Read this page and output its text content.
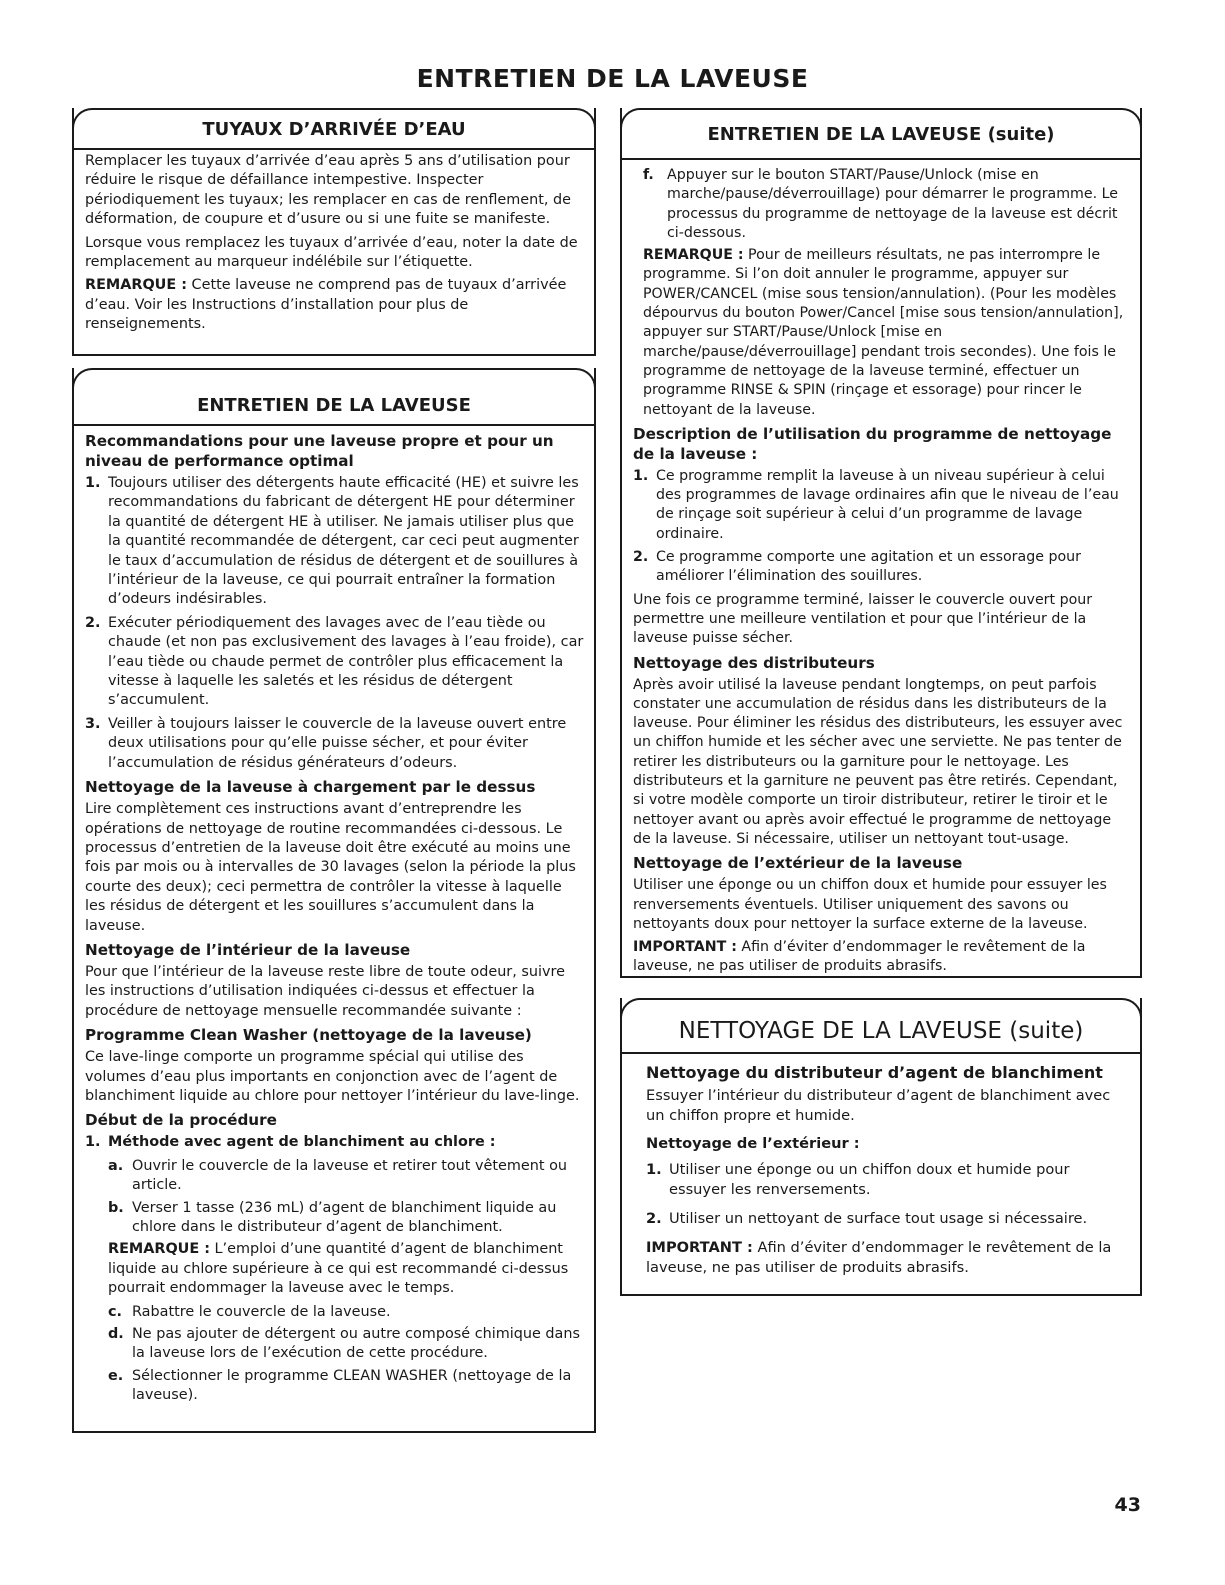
ENTRETIEN DE LA LAVEUSE
TUYAUX D’ARRIVÉE D’EAU

Remplacer les tuyaux d’arrivée d’eau après 5 ans d’utilisation pour réduire le risque de défaillance intempestive. Inspecter périodiquement les tuyaux; les remplacer en cas de renflement, de déformation, de coupure et d’usure ou si une fuite se manifeste.

Lorsque vous remplacez les tuyaux d’arrivée d’eau, noter la date de remplacement au marqueur indélébile sur l’étiquette.

REMARQUE : Cette laveuse ne comprend pas de tuyaux d’arrivée d’eau. Voir les Instructions d’installation pour plus de renseignements.

ENTRETIEN DE LA LAVEUSE

Recommandations pour une laveuse propre et pour un niveau de performance optimal

1. Toujours utiliser des détergents haute efficacité (HE) et suivre les recommandations du fabricant de détergent HE pour déterminer la quantité de détergent HE à utiliser. Ne jamais utiliser plus que la quantité recommandée de détergent, car ceci peut augmenter le taux d’accumulation de résidus de détergent et de souillures à l’intérieur de la laveuse, ce qui pourrait entraîner la formation d’odeurs indésirables.
2. Exécuter périodiquement des lavages avec de l’eau tiède ou chaude (et non pas exclusivement des lavages à l’eau froide), car l’eau tiède ou chaude permet de contrôler plus efficacement la vitesse à laquelle les saletés et les résidus de détergent s’accumulent.
3. Veiller à toujours laisser le couvercle de la laveuse ouvert entre deux utilisations pour qu’elle puisse sécher, et pour éviter l’accumulation de résidus générateurs d’odeurs.

Nettoyage de la laveuse à chargement par le dessus

Lire complètement ces instructions avant d’entreprendre les opérations de nettoyage de routine recommandées ci-dessous. Le processus d’entretien de la laveuse doit être exécuté au moins une fois par mois ou à intervalles de 30 lavages (selon la période la plus courte des deux); ceci permettra de contrôler la vitesse à laquelle les résidus de détergent et les souillures s’accumulent dans la laveuse.

Nettoyage de l’intérieur de la laveuse

Pour que l’intérieur de la laveuse reste libre de toute odeur, suivre les instructions d’utilisation indiquées ci-dessus et effectuer la procédure de nettoyage mensuelle recommandée suivante :

Programme Clean Washer (nettoyage de la laveuse)

Ce lave-linge comporte un programme spécial qui utilise des volumes d’eau plus importants en conjonction avec de l’agent de blanchiment liquide au chlore pour nettoyer l’intérieur du lave-linge.

Début de la procédure

1. Méthode avec agent de blanchiment au chlore :
a. Ouvrir le couvercle de la laveuse et retirer tout vêtement ou article.
b. Verser 1 tasse (236 mL) d’agent de blanchiment liquide au chlore dans le distributeur d’agent de blanchiment.

REMARQUE : L’emploi d’une quantité d’agent de blanchiment liquide au chlore supérieure à ce qui est recommandé ci-dessus pourrait endommager la laveuse avec le temps.

c. Rabattre le couvercle de la laveuse.
d. Ne pas ajouter de détergent ou autre composé chimique dans la laveuse lors de l’exécution de cette procédure.
e. Sélectionner le programme CLEAN WASHER (nettoyage de la laveuse).
ENTRETIEN DE LA LAVEUSE (suite)
f. Appuyer sur le bouton START/Pause/Unlock (mise en marche/pause/déverrouillage) pour démarrer le programme. Le processus du programme de nettoyage de la laveuse est décrit ci-dessous.

REMARQUE : Pour de meilleurs résultats, ne pas interrompre le programme. Si l’on doit annuler le programme, appuyer sur POWER/CANCEL (mise sous tension/annulation). (Pour les modèles dépourvus du bouton Power/Cancel [mise sous tension/annulation], appuyer sur START/Pause/Unlock [mise en marche/pause/déverrouillage] pendant trois secondes). Une fois le programme de nettoyage de la laveuse terminé, effectuer un programme RINSE & SPIN (rinçage et essorage) pour rincer le nettoyant de la laveuse.

Description de l’utilisation du programme de nettoyage de la laveuse :

1. Ce programme remplit la laveuse à un niveau supérieur à celui des programmes de lavage ordinaires afin que le niveau de l’eau de rinçage soit supérieur à celui d’un programme de lavage ordinaire.
2. Ce programme comporte une agitation et un essorage pour améliorer l’élimination des souillures.

Une fois ce programme terminé, laisser le couvercle ouvert pour permettre une meilleure ventilation et pour que l’intérieur de la laveuse puisse sécher.

Nettoyage des distributeurs

Après avoir utilisé la laveuse pendant longtemps, on peut parfois constater une accumulation de résidus dans les distributeurs de la laveuse. Pour éliminer les résidus des distributeurs, les essuyer avec un chiffon humide et les sécher avec une serviette. Ne pas tenter de retirer les distributeurs ou la garniture pour le nettoyage. Les distributeurs et la garniture ne peuvent pas être retirés. Cependant, si votre modèle comporte un tiroir distributeur, retirer le tiroir et le nettoyer avant ou après avoir effectué le programme de nettoyage de la laveuse. Si nécessaire, utiliser un nettoyant tout-usage.

Nettoyage de l’extérieur de la laveuse

Utiliser une éponge ou un chiffon doux et humide pour essuyer les renversements éventuels. Utiliser uniquement des savons ou nettoyants doux pour nettoyer la surface externe de la laveuse.

IMPORTANT : Afin d’éviter d’endommager le revêtement de la laveuse, ne pas utiliser de produits abrasifs.

NETTOYAGE DE LA LAVEUSE (suite)

Nettoyage du distributeur d’agent de blanchiment

Essuyer l’intérieur du distributeur d’agent de blanchiment avec un chiffon propre et humide.

Nettoyage de l’extérieur :

1. Utiliser une éponge ou un chiffon doux et humide pour essuyer les renversements.
2. Utiliser un nettoyant de surface tout usage si nécessaire.

IMPORTANT : Afin d’éviter d’endommager le revêtement de la laveuse, ne pas utiliser de produits abrasifs.

43
